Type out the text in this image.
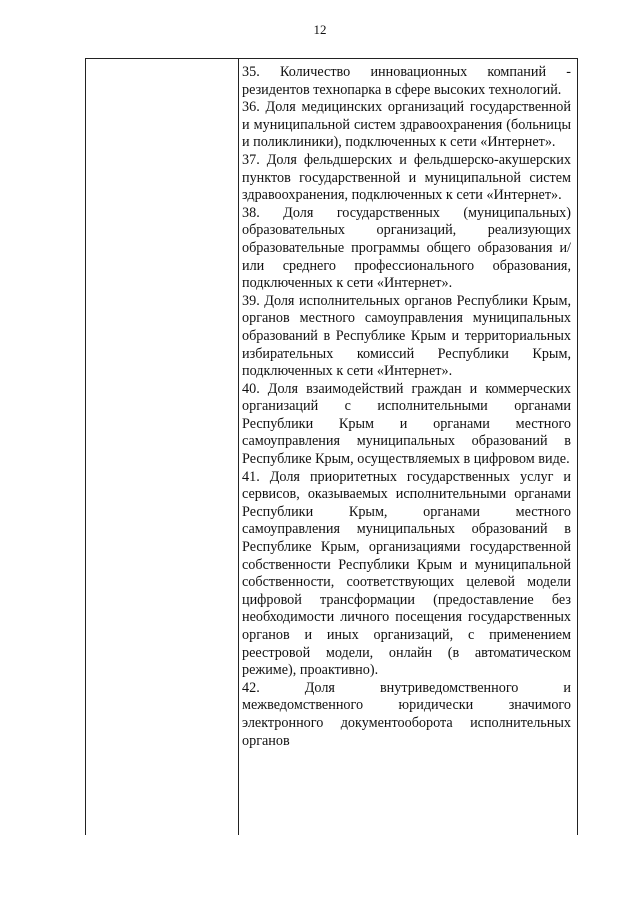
12

35. Количество инновационных компаний - резидентов технопарка в сфере высоких технологий.

36. Доля медицинских организаций государственной и муниципальной систем здравоохранения (больницы и поликлиники), подключенных к сети «Интернет».

37. Доля фельдшерских и фельдшерско-акушерских пунктов государственной и муниципальной систем здравоохранения, подключенных к сети «Интернет».

38. Доля государственных (муниципальных) образовательных организаций, реализующих образовательные программы общего образования и/или среднего профессионального образования, подключенных к сети «Интернет».

39. Доля исполнительных органов Республики Крым, органов местного самоуправления муниципальных образований в Республике Крым и территориальных избирательных комиссий Республики Крым, подключенных к сети «Интернет».

40. Доля взаимодействий граждан и коммерческих организаций с исполнительными органами Республики Крым и органами местного самоуправления муниципальных образований в Республике Крым, осуществляемых в цифровом виде.

41. Доля приоритетных государственных услуг и сервисов, оказываемых исполнительными органами Республики Крым, органами местного самоуправления муниципальных образований в Республике Крым, организациями государственной собственности Республики Крым и муниципальной собственности, соответствующих целевой модели цифровой трансформации (предоставление без необходимости личного посещения государственных органов и иных организаций, с применением реестровой модели, онлайн (в автоматическом режиме), проактивно).

42. Доля внутриведомственного и межведомственного юридически значимого электронного документооборота исполнительных органов
